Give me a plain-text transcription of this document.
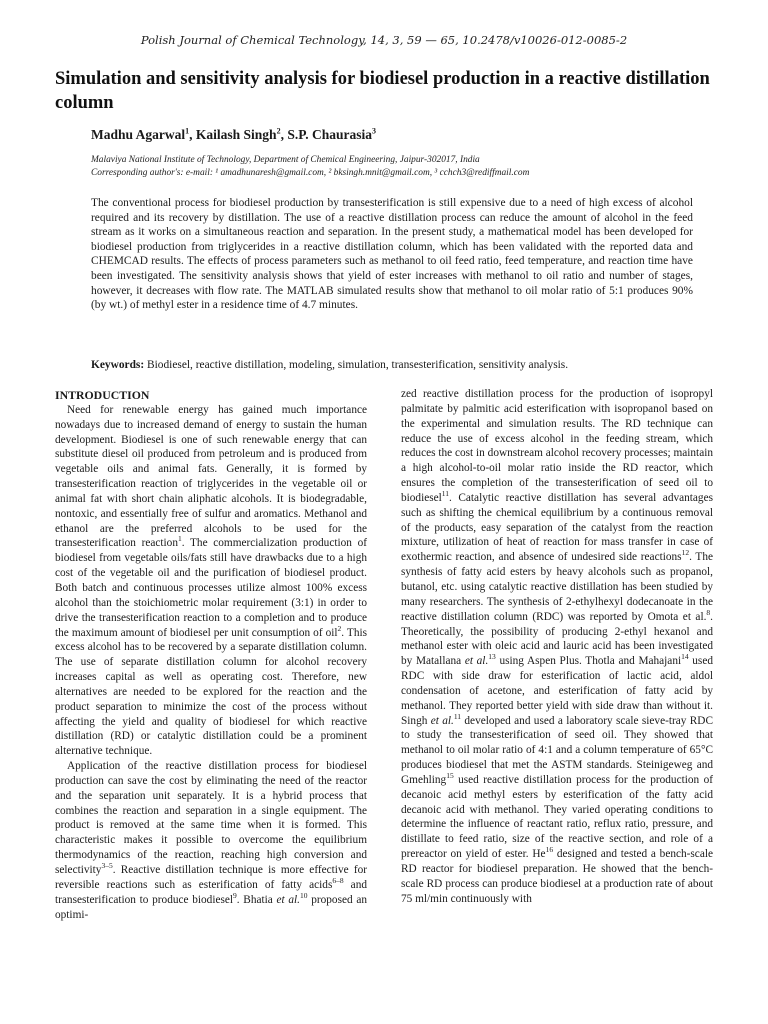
Polish Journal of Chemical Technology, 14, 3, 59 — 65, 10.2478/v10026-012-0085-2
Simulation and sensitivity analysis for biodiesel production in a reactive distillation column
Madhu Agarwal$^1$, Kailash Singh$^2$, S.P. Chaurasia$^3$
Malaviya National Institute of Technology, Department of Chemical Engineering, Jaipur-302017, India
Corresponding author's: e-mail: ¹ amadhunaresh@gmail.com, ² bksingh.mnit@gmail.com, ³ cchch3@rediffmail.com
The conventional process for biodiesel production by transesterification is still expensive due to a need of high excess of alcohol required and its recovery by distillation. The use of a reactive distillation process can reduce the amount of alcohol in the feed stream as it works on a simultaneous reaction and separation. In the present study, a mathematical model has been developed for biodiesel production from triglycerides in a reactive distillation column, which has been validated with the reported data and CHEMCAD results. The effects of process parameters such as methanol to oil feed ratio, feed temperature, and reaction time have been investigated. The sensitivity analysis shows that yield of ester increases with methanol to oil ratio and number of stages, however, it decreases with flow rate. The MATLAB simulated results show that methanol to oil molar ratio of 5:1 produces 90% (by wt.) of methyl ester in a residence time of 4.7 minutes.
Keywords: Biodiesel, reactive distillation, modeling, simulation, transesterification, sensitivity analysis.

INTRODUCTION

Need for renewable energy has gained much importance nowadays due to increased demand of energy to sustain the human development. Biodiesel is one of such renewable energy that can substitute diesel oil produced from petroleum and is produced from vegetable oils and animal fats. Generally, it is formed by transesterification reaction of triglycerides in the vegetable oil or animal fat with short chain aliphatic alcohols. It is biodegradable, nontoxic, and essentially free of sulfur and aromatics. Methanol and ethanol are the preferred alcohols to be used for the transesterification reaction$^1$. The commercialization production of biodiesel from vegetable oils/fats still have drawbacks due to a high cost of the vegetable oil and the purification of biodiesel product. Both batch and continuous processes utilize almost 100% excess alcohol than the stoichiometric molar requirement (3:1) in order to drive the transesterification reaction to a completion and to produce the maximum amount of biodiesel per unit consumption of oil$^2$. This excess alcohol has to be recovered by a separate distillation column. The use of separate distillation column for alcohol recovery increases capital as well as operating cost. Therefore, new alternatives are needed to be explored for the reaction and the product separation to minimize the cost of the process without affecting the yield and quality of biodiesel for which reactive distillation (RD) or catalytic distillation could be a prominent alternative technique.

Application of the reactive distillation process for biodiesel production can save the cost by eliminating the need of the reactor and the separation unit separately. It is a hybrid process that combines the reaction and separation in a single equipment. The product is removed at the same time when it is formed. This characteristic makes it possible to overcome the equilibrium thermodynamics of the reaction, reaching high conversion and selectivity$^{3-5}$. Reactive distillation technique is more effective for reversible reactions such as esterification of fatty acids$^{6-8}$ and transesterification to produce biodiesel$^9$. Bhatia et al.$^{10}$ proposed an optimi-

zed reactive distillation process for the production of isopropyl palmitate by palmitic acid esterification with isopropanol based on the experimental and simulation results. The RD technique can reduce the use of excess alcohol in the feeding stream, which reduces the cost in downstream alcohol recovery processes; maintain a high alcohol-to-oil molar ratio inside the RD reactor, which ensures the completion of the transesterification of seed oil to biodiesel$^{11}$. Catalytic reactive distillation has several advantages such as shifting the chemical equilibrium by a continuous removal of the products, easy separation of the catalyst from the reaction mixture, utilization of heat of reaction for mass transfer in case of exothermic reaction, and absence of undesired side reactions$^{12}$. The synthesis of fatty acid esters by heavy alcohols such as propanol, butanol, etc. using catalytic reactive distillation has been studied by many researchers. The synthesis of 2-ethylhexyl dodecanoate in the reactive distillation column (RDC) was reported by Omota et al.$^8$. Theoretically, the possibility of producing 2-ethyl hexanol and methanol ester with oleic acid and lauric acid has been investigated by Matallana et al.$^{13}$ using Aspen Plus. Thotla and Mahajani$^{14}$ used RDC with side draw for esterification of lactic acid, aldol condensation of acetone, and esterification of fatty acid by methanol. They reported better yield with side draw than without it. Singh et al.$^{11}$ developed and used a laboratory scale sieve-tray RDC to study the transesterification of seed oil. They showed that methanol to oil molar ratio of 4:1 and a column temperature of 65°C produces biodiesel that met the ASTM standards. Steinigeweg and Gmehling$^{15}$ used reactive distillation process for the production of decanoic acid methyl esters by esterification of the fatty acid decanoic acid with methanol. They varied operating conditions to determine the influence of reactant ratio, reflux ratio, pressure, and distillate to feed ratio, size of the reactive section, and role of a prereactor on yield of ester. He$^{16}$ designed and tested a bench-scale RD reactor for biodiesel preparation. He showed that the bench-scale RD process can produce biodiesel at a production rate of about 75 ml/min continuously with
